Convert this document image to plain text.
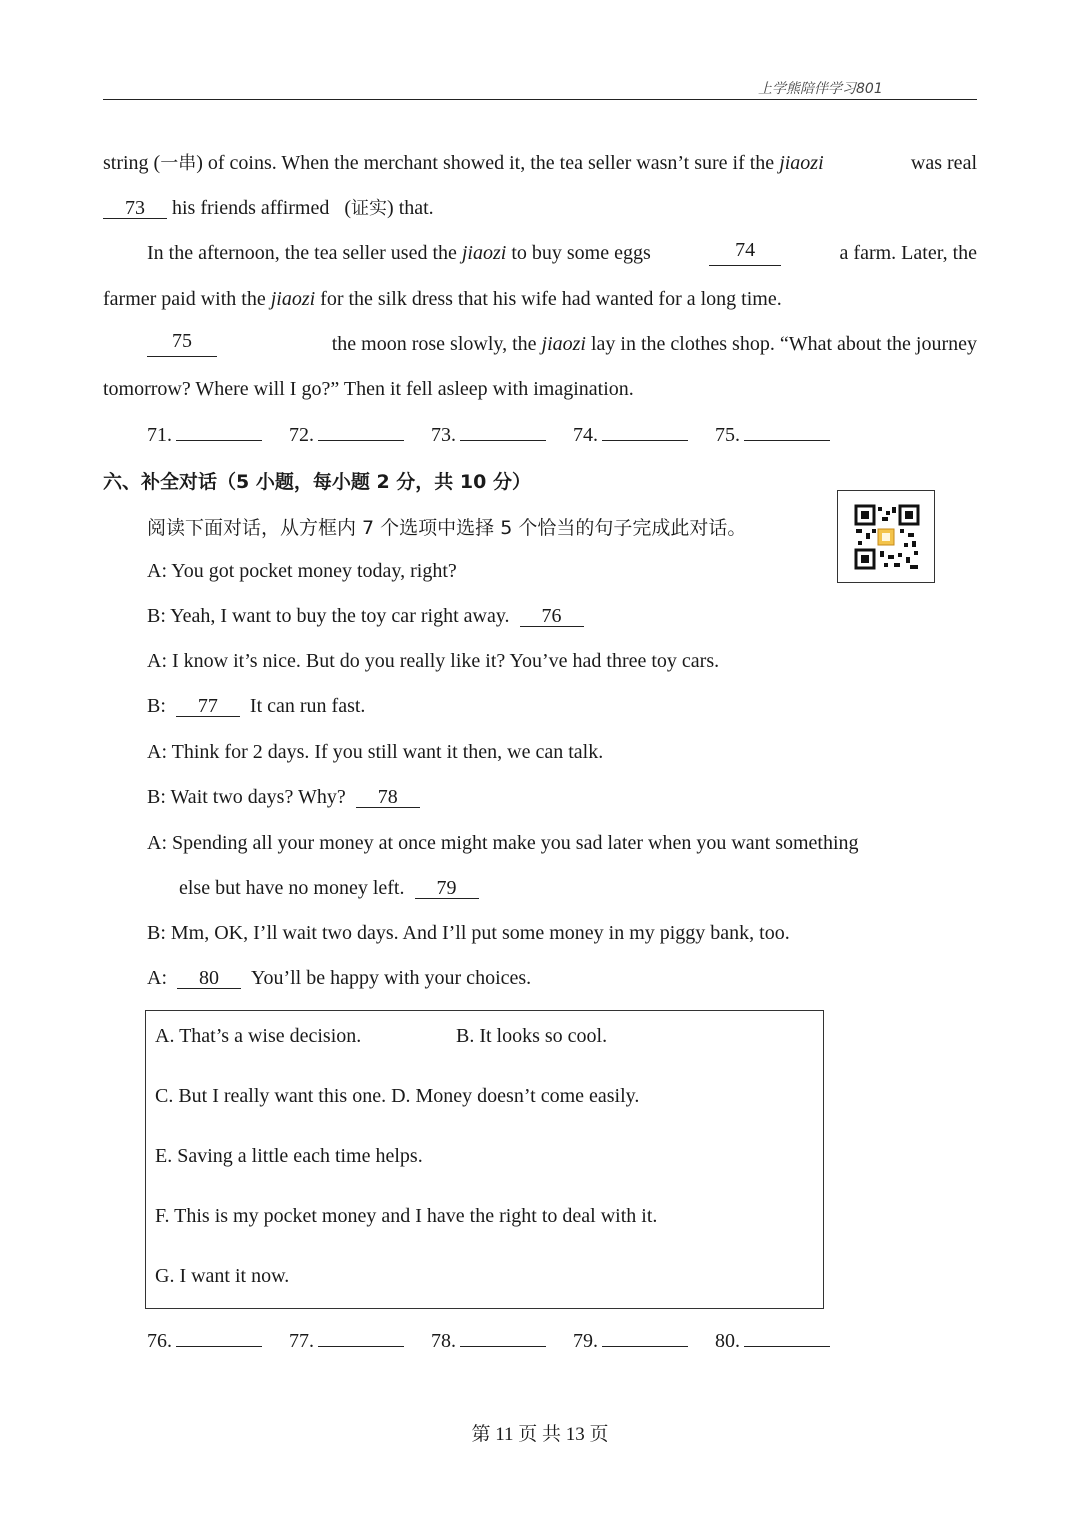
上学熊陪伴学习801
string (一串) of coins. When the merchant showed it, the tea seller wasn’t sure if the jiaozi	was real
73 his friends affirmed   (证实) that.
In the afternoon, the tea seller used the jiaozi to buy some eggs	74	a farm. Later, the
farmer paid with the jiaozi for the silk dress that his wife had wanted for a long time.
75	the moon rose slowly, the jiaozi lay in the clothes shop. “What about the journey
tomorrow? Where will I go?” Then it fell asleep with imagination.
71.	72.	73.	74.	75.
六、补全对话（5 小题，每小题 2 分，共 10 分）
阅读下面对话，从方框内 7 个选项中选择 5 个恰当的句子完成此对话。
A: You got pocket money today, right?
B: Yeah, I want to buy the toy car right away. 76
A: I know it’s nice. But do you really like it? You’ve had three toy cars.
B: 77 It can run fast.
A: Think for 2 days. If you still want it then, we can talk.
B: Wait two days? Why? 78
A: Spending all your money at once might make you sad later when you want something
else but have no money left. 79
B: Mm, OK, I’ll wait two days. And I’ll put some money in my piggy bank, too.
A: 80 You’ll be happy with your choices.
A. That’s a wise decision.	B. It looks so cool.
C. But I really want this one. D. Money doesn’t come easily.
E. Saving a little each time helps.
F. This is my pocket money and I have the right to deal with it.
G. I want it now.
76.	77.	78.	79.	80.
第 11 页 共 13 页
